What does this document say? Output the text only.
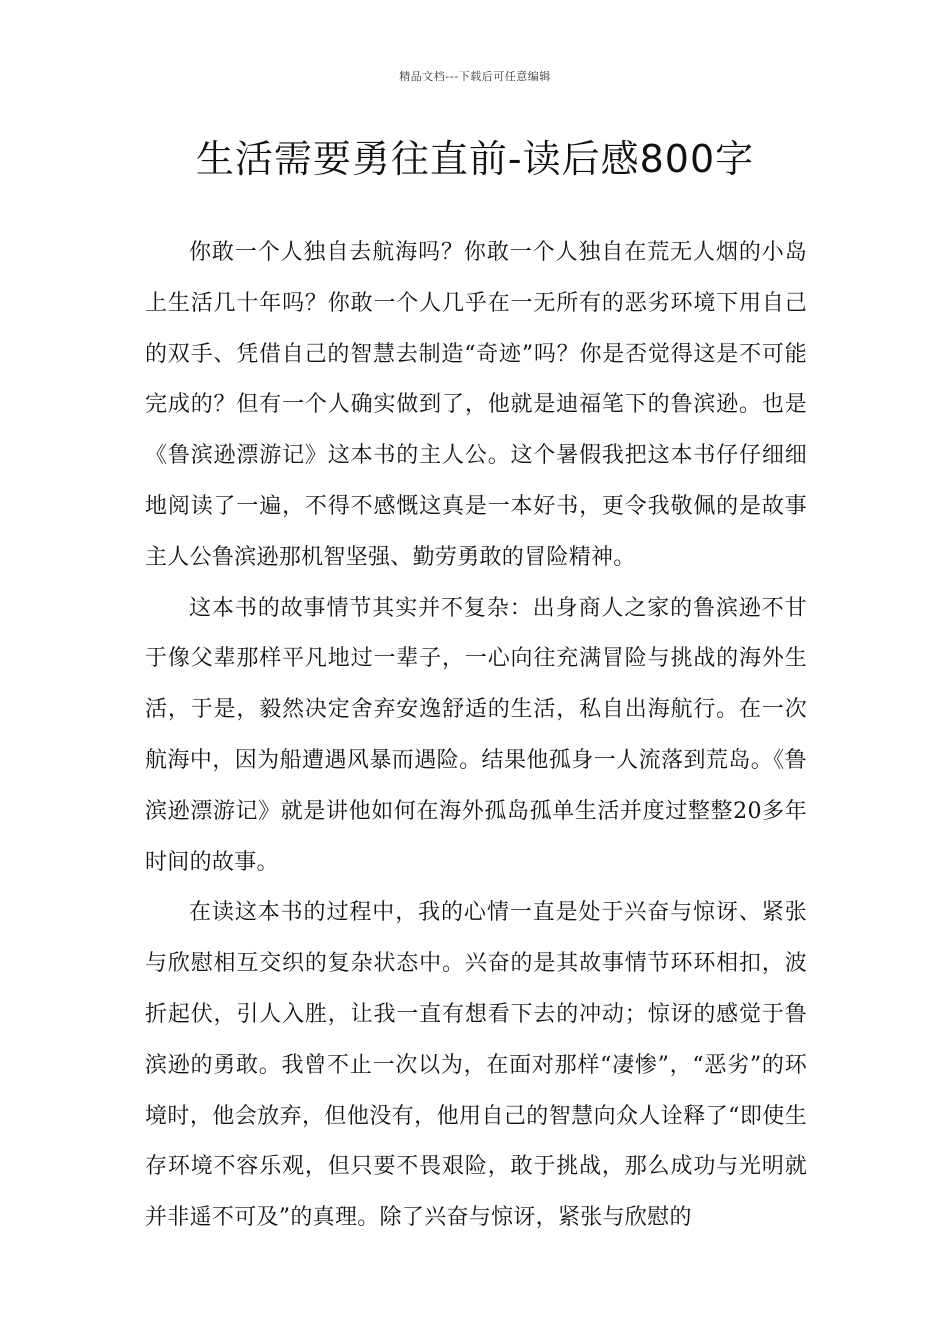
精品文档---下载后可任意编辑
生活需要勇往直前-读后感800字

你敢一个人独自去航海吗？你敢一个人独自在荒无人烟的小岛上生活几十年吗？你敢一个人几乎在一无所有的恶劣环境下用自己的双手、凭借自己的智慧去制造“奇迹”吗？你是否觉得这是不可能完成的？但有一个人确实做到了，他就是迪福笔下的鲁滨逊。也是《鲁滨逊漂游记》这本书的主人公。这个暑假我把这本书仔仔细细地阅读了一遍，不得不感慨这真是一本好书，更令我敬佩的是故事主人公鲁滨逊那机智坚强、勤劳勇敢的冒险精神。

这本书的故事情节其实并不复杂：出身商人之家的鲁滨逊不甘于像父辈那样平凡地过一辈子，一心向往充满冒险与挑战的海外生活，于是，毅然决定舍弃安逸舒适的生活，私自出海航行。在一次航海中，因为船遭遇风暴而遇险。结果他孤身一人流落到荒岛。《鲁滨逊漂游记》就是讲他如何在海外孤岛孤单生活并度过整整20多年时间的故事。

在读这本书的过程中，我的心情一直是处于兴奋与惊讶、紧张与欣慰相互交织的复杂状态中。兴奋的是其故事情节环环相扣，波折起伏，引人入胜，让我一直有想看下去的冲动；惊讶的感觉于鲁滨逊的勇敢。我曾不止一次以为，在面对那样“凄惨”，“恶劣”的环境时，他会放弃，但他没有，他用自己的智慧向众人诠释了“即使生存环境不容乐观，但只要不畏艰险，敢于挑战，那么成功与光明就并非遥不可及”的真理。除了兴奋与惊讶，紧张与欣慰的
